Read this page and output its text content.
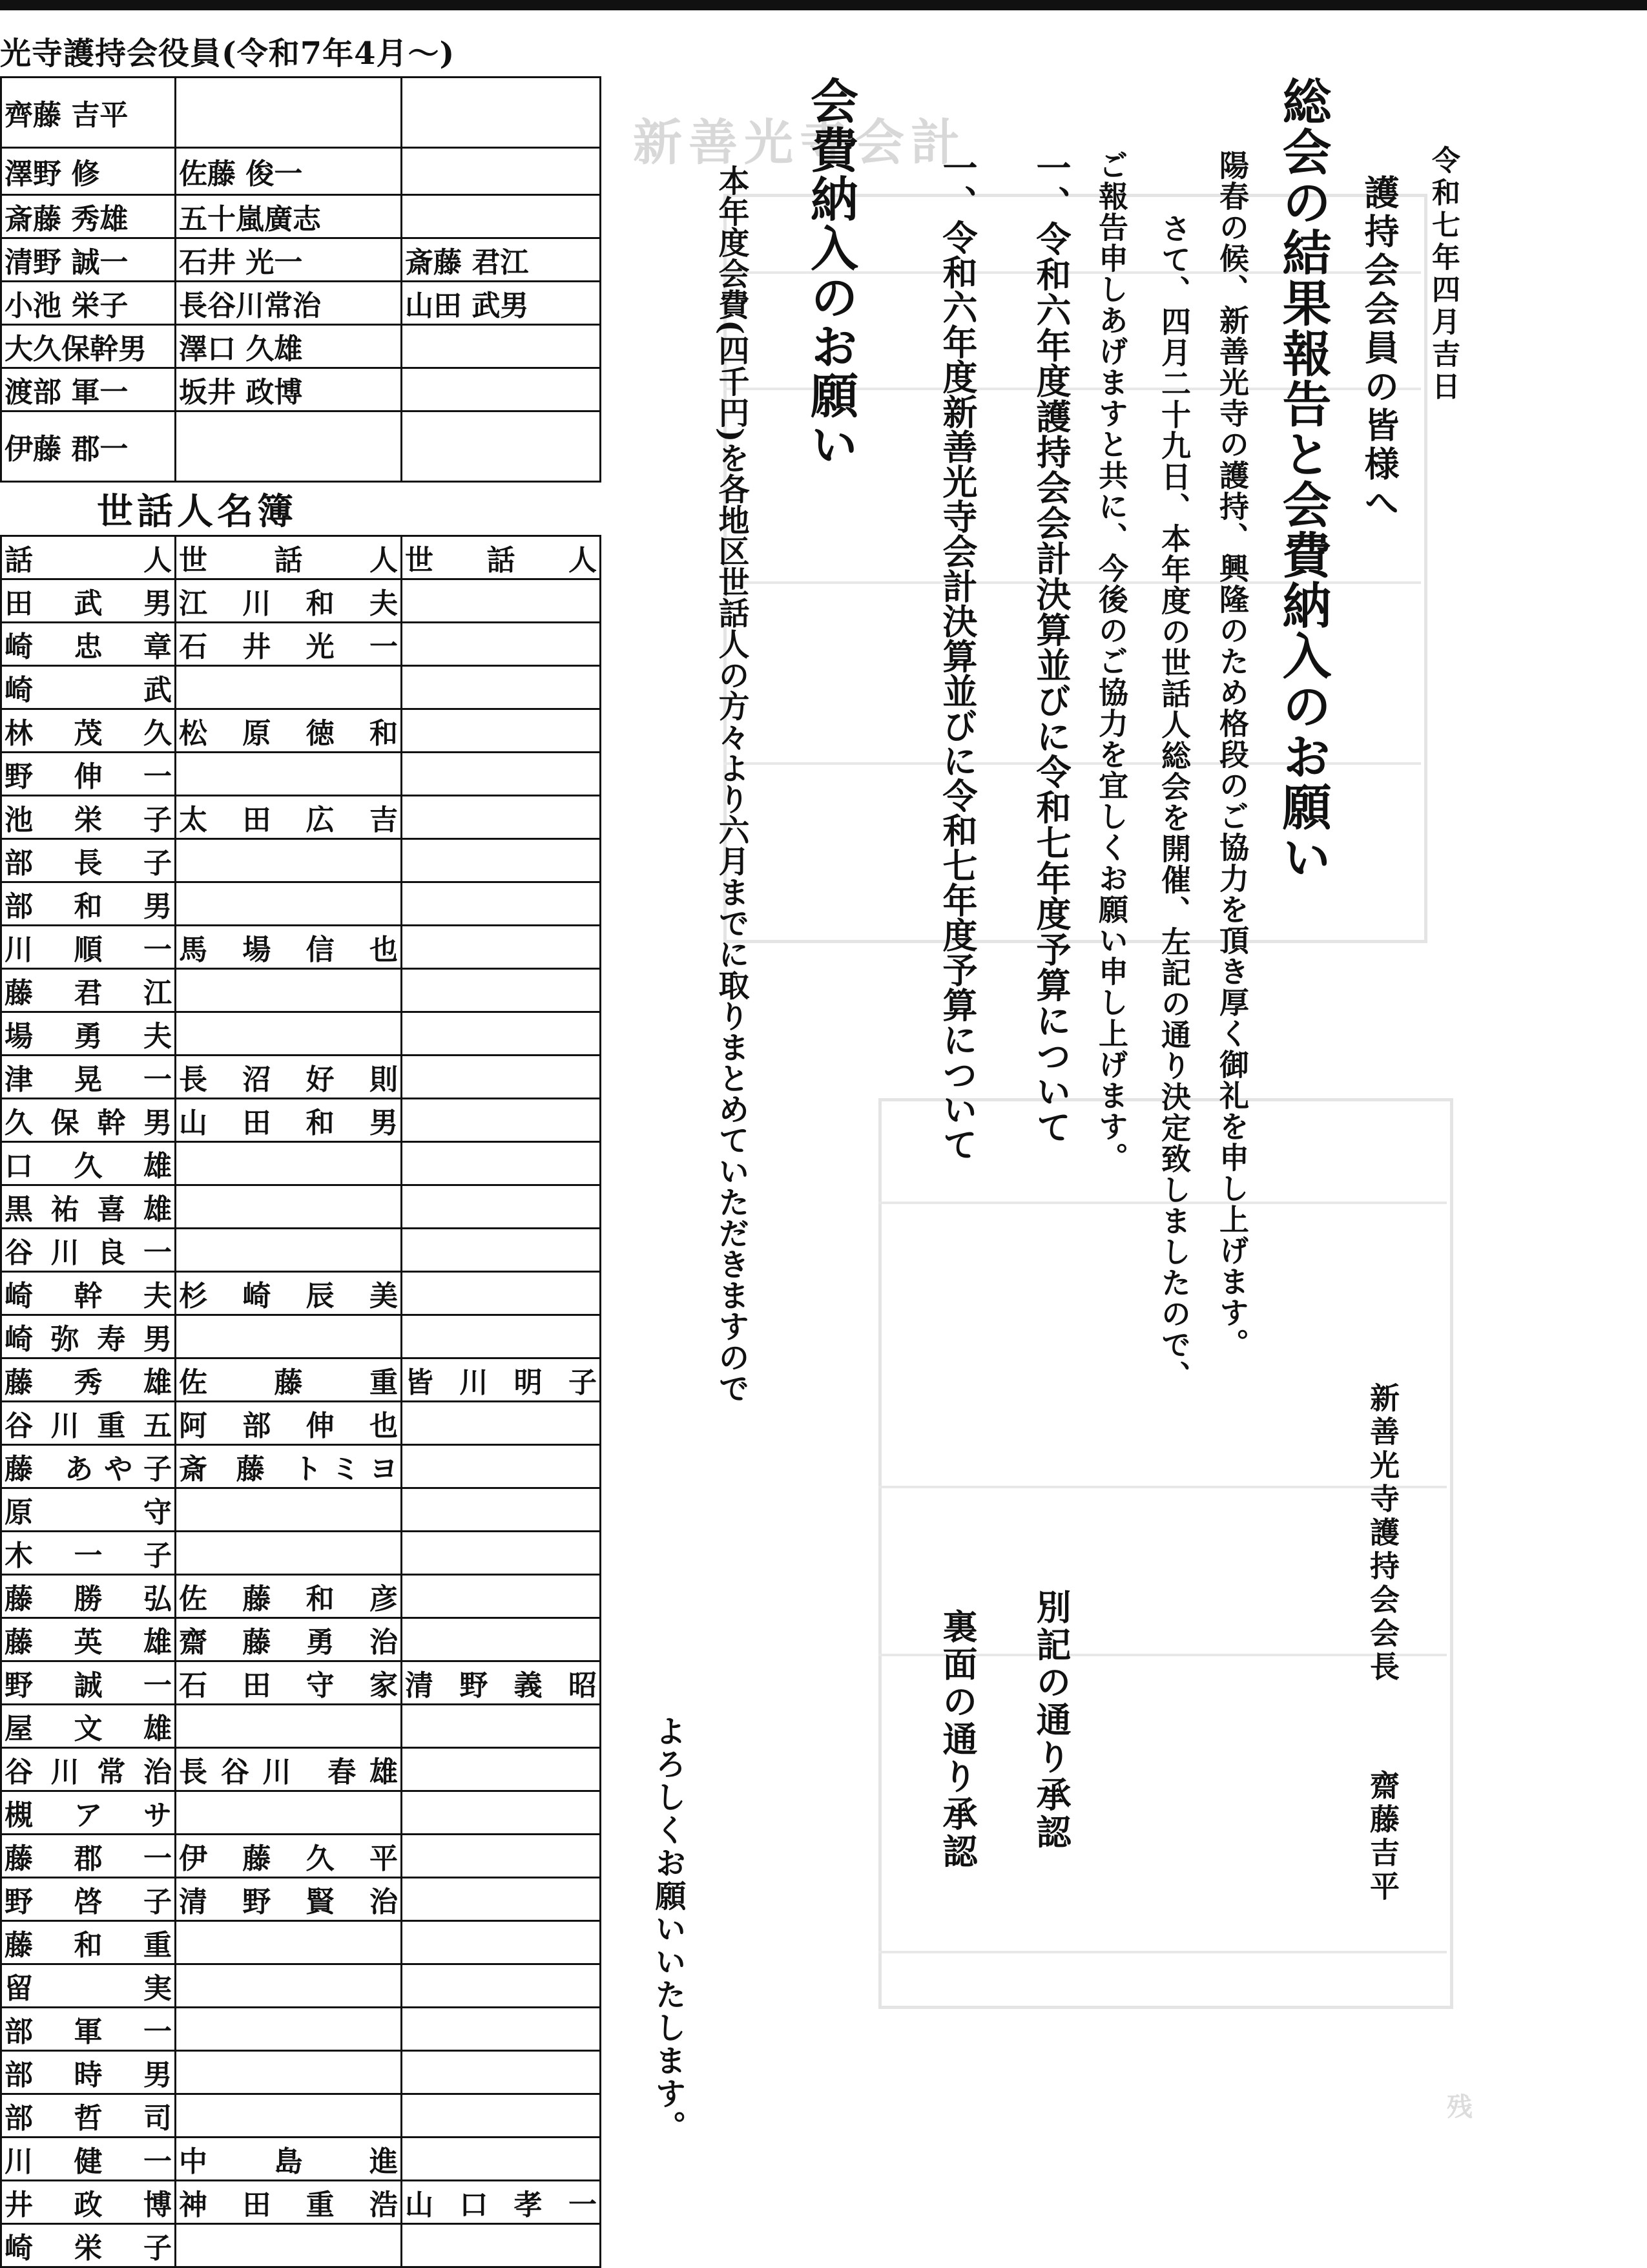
新善光寺会計
残
光寺護持会役員(令和7年4月〜)
齊藤 吉平		
澤野 修	佐藤 俊一	
斎藤 秀雄	五十嵐廣志	
清野 誠一	石井 光一	斎藤 君江
小池 栄子	長谷川常治	山田 武男
大久保幹男	澤口 久雄	
渡部 軍一	坂井 政博	
伊藤 郡一		
世話人名簿
話 人	世 話 人	世 話 人
田 武 男	江 川 和 夫	
崎 忠 章	石 井 光 一	
崎 武		
林 茂 久	松 原 徳 和	
野 伸 一		
池 栄 子	太 田 広 吉	
部 長 子		
部 和 男		
川 順 一	馬 場 信 也	
藤 君 江		
場 勇 夫		
津 晃 一	長 沼 好 則	
久保幹男	山 田 和 男	
口 久 雄		
黒祐喜雄		
谷川良一		
崎 幹 夫	杉 崎 辰 美	
崎弥寿男		
藤 秀 雄	佐 藤 重	皆 川 明 子
谷川重五	阿 部 伸 也	
藤 あや子	斎 藤 トミヨ	
原 守		
木 一 子		
藤 勝 弘	佐 藤 和 彦	
藤 英 雄	齋 藤 勇 治	
野 誠 一	石 田 守 家	清 野 義 昭
屋 文 雄		
谷川常治	長谷川 春雄	
槻 ア サ		
藤 郡 一	伊 藤 久 平	
野 啓 子	清 野 賢 治	
藤 和 重		
留 実		
部 軍 一		
部 時 男		
部 哲 司		
川 健 一	中 島 進	
井 政 博	神 田 重 浩	山 口 孝 一
崎 栄 子		
令和七年四月吉日
護持会会員の皆様へ
総会の結果報告と会費納入のお願い
陽春の候、新善光寺の護持、興隆のため格段のご協力を頂き厚く御礼を申し上げます。
さて、四月二十九日、本年度の世話人総会を開催、左記の通り決定致しましたので、
ご報告申しあげますと共に、今後のご協力を宜しくお願い申し上げます。
一、令和六年度護持会会計決算並びに令和七年度予算について
別記の通り承認
一、令和六年度新善光寺会計決算並びに令和七年度予算について
裏面の通り承認
会費納入のお願い
本年度会費(四千円)を各地区世話人の方々より六月までに取りまとめていただきますので
よろしくお願いいたします。
新善光寺護持会会長
齋藤吉平
